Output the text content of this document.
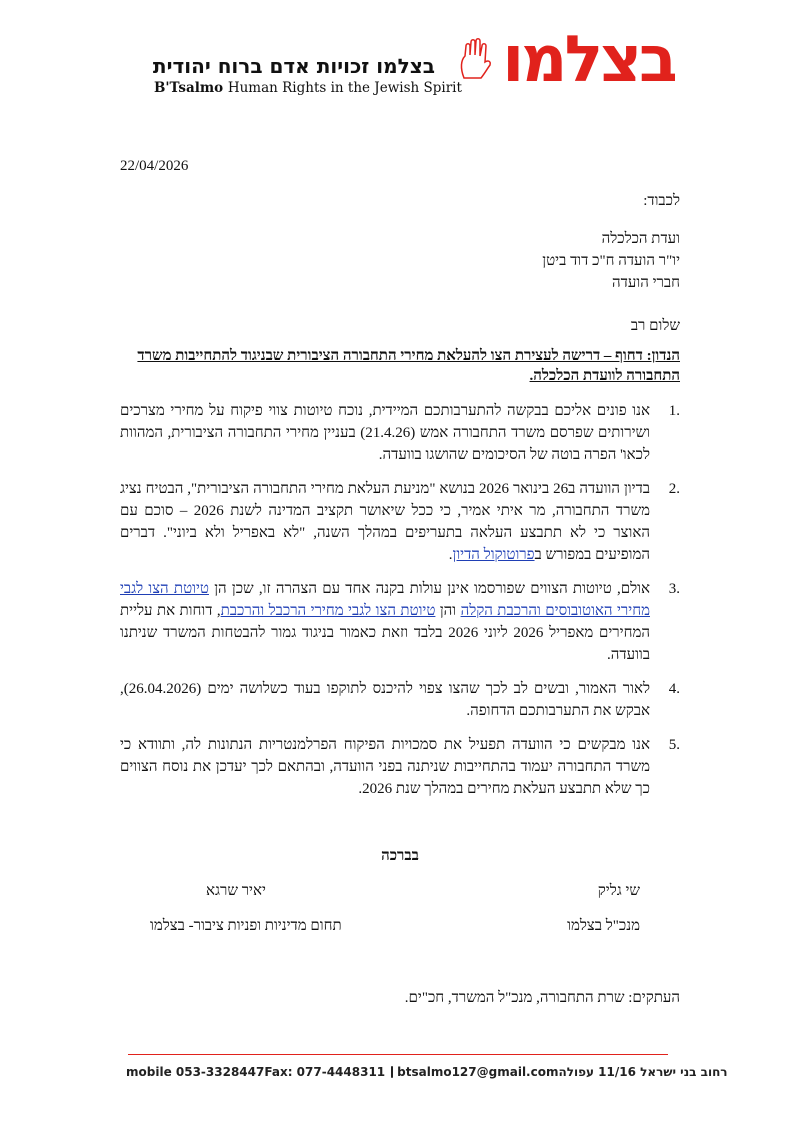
בצלמו
בצלמו זכויות אדם ברוח יהודית
B'Tsalmo Human Rights in the Jewish Spirit
22/04/2026
לכבוד:
ועדת הכלכלה
יו"ר הועדה ח"כ דוד ביטן
חברי הועדה
שלום רב
הנדון: דחוף – דרישה לעצירת הצו להעלאת מחירי התחבורה הציבורית שבניגוד להתחייבות משרד התחבורה לוועדת הכלכלה.
1.
אנו פונים אליכם בבקשה להתערבותכם המיידית, נוכח טיוטות צווי פיקוח על מחירי מצרכים ושירותים שפרסם משרד התחבורה אמש (21.4.26) בעניין מחירי התחבורה הציבורית, המהוות לכאו' הפרה בוטה של הסיכומים שהושגו בוועדה.
2.
בדיון הוועדה ב26 בינואר 2026 בנושא "מניעת העלאת מחירי התחבורה הציבורית", הבטיח נציג משרד התחבורה, מר איתי אמיר, כי ככל שיאושר תקציב המדינה לשנת 2026 – סוכם עם האוצר כי לא תתבצע העלאה בתעריפים במהלך השנה, "לא באפריל ולא ביוני". דברים המופיעים במפורש בפרוטוקול הדיון.
3.
אולם, טיוטות הצווים שפורסמו אינן עולות בקנה אחד עם הצהרה זו, שכן הן טיוטת הצו לגבי מחירי האוטובוסים והרכבת הקלה והן טיוטת הצו לגבי מחירי הרכבל והרכבת, דוחות את עליית המחירים מאפריל 2026 ליוני 2026 בלבד וזאת כאמור בניגוד גמור להבטחות המשרד שניתנו בוועדה.
4.
לאור האמור, ובשים לב לכך שהצו צפוי להיכנס לתוקפו בעוד כשלושה ימים (26.04.2026), אבקש את התערבותכם הדחופה.
5.
אנו מבקשים כי הוועדה תפעיל את סמכויות הפיקוח הפרלמנטריות הנתונות לה, ותוודא כי משרד התחבורה יעמוד בהתחייבות שניתנה בפני הוועדה, ובהתאם לכך יעדכן את נוסח הצווים כך שלא תתבצע העלאת מחירים במהלך שנת 2026.
בברכה
שי גליק
יאיר שרגא
מנכ"ל בצלמו
תחום מדיניות ופניות ציבור- בצלמו
העתקים: שרת התחבורה, מנכ"ל המשרד, חכ"ים.
mobile 053-3328447 Fax: 077-4448311 btsalmo127@gmail.com רחוב בני ישראל 11/16 עפולה
